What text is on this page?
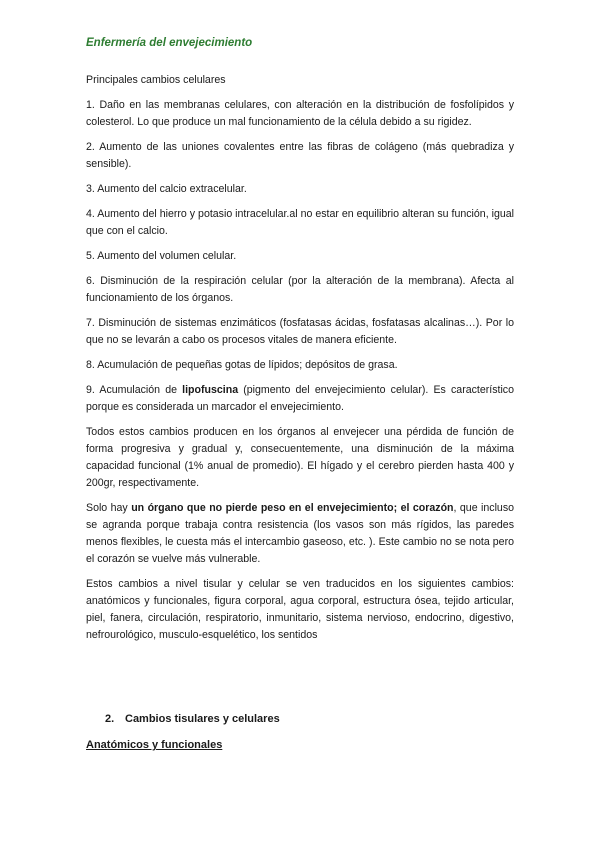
Enfermería del envejecimiento

Principales cambios celulares

1. Daño en las membranas celulares, con alteración en la distribución de fosfolípidos y colesterol. Lo que produce un mal funcionamiento de la célula debido a su rigidez.

2. Aumento de las uniones covalentes entre las fibras de colágeno (más quebradiza y sensible).

3. Aumento del calcio extracelular.

4. Aumento del hierro y potasio intracelular.al no estar en equilibrio alteran su función, igual que con el calcio.

5. Aumento del volumen celular.

6. Disminución de la respiración celular (por la alteración de la membrana). Afecta al funcionamiento de los órganos.

7. Disminución de sistemas enzimáticos (fosfatasas ácidas, fosfatasas alcalinas…). Por lo que no se levarán a cabo os procesos vitales de manera eficiente.

8. Acumulación de pequeñas gotas de lípidos; depósitos de grasa.

9. Acumulación de lipofuscina (pigmento del envejecimiento celular). Es característico porque es considerada un marcador el envejecimiento.

Todos estos cambios producen en los órganos al envejecer una pérdida de función de forma progresiva y gradual y, consecuentemente, una disminución de la máxima capacidad funcional (1% anual de promedio). El hígado y el cerebro pierden hasta 400 y 200gr, respectivamente.

Solo hay un órgano que no pierde peso en el envejecimiento; el corazón, que incluso se agranda porque trabaja contra resistencia (los vasos son más rígidos, las paredes menos flexibles, le cuesta más el intercambio gaseoso, etc. ). Este cambio no se nota pero el corazón se vuelve más vulnerable.

Estos cambios a nivel tisular y celular se ven traducidos en los siguientes cambios: anatómicos y funcionales, figura corporal, agua corporal, estructura ósea, tejido articular, piel, fanera, circulación, respiratorio, inmunitario, sistema nervioso, endocrino, digestivo, nefrourológico, musculo-esquelético, los sentidos

2. Cambios tisulares y celulares
Anatómicos y funcionales
